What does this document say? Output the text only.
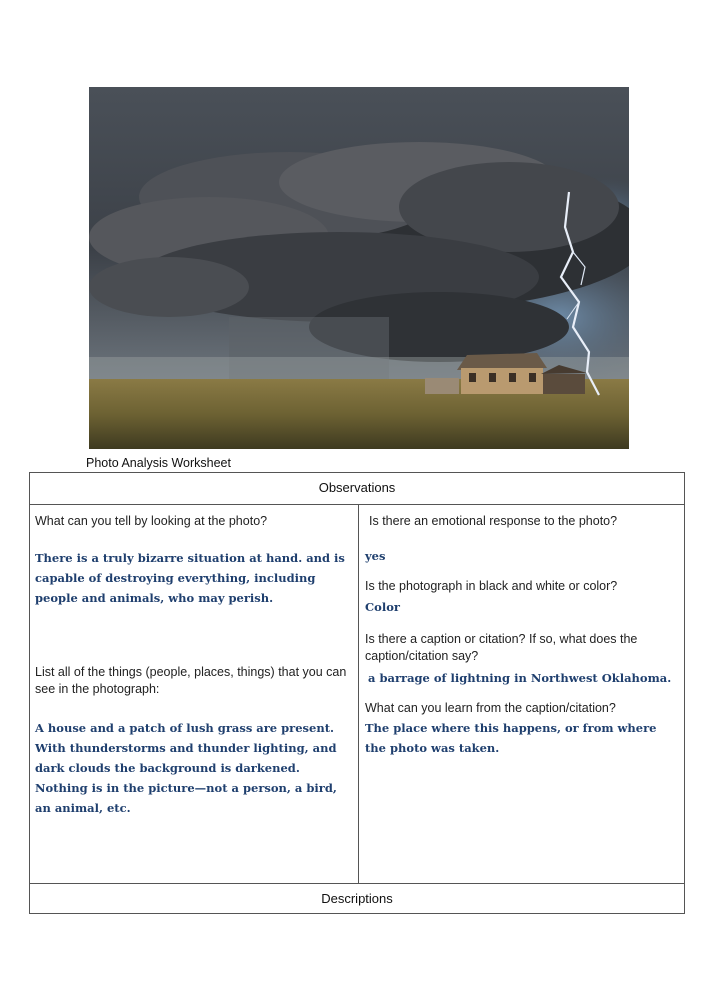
Photo Analysis Worksheet
Observations
What can you tell by looking at the photo?
There is a truly bizarre situation at hand. and is capable of destroying everything, including people and animals, who may perish.
List all of the things (people, places, things) that you can see in the photograph:
A house and a patch of lush grass are present. With thunderstorms and thunder lighting, and dark clouds the background is darkened. Nothing is in the picture—not a person, a bird, an animal, etc.
Is there an emotional response to the photo?
yes
Is the photograph in black and white or color?
Color
Is there a caption or citation? If so, what does the caption/citation say?
a barrage of lightning in Northwest Oklahoma.
What can you learn from the caption/citation?
The place where this happens, or from where the photo was taken.
Descriptions
